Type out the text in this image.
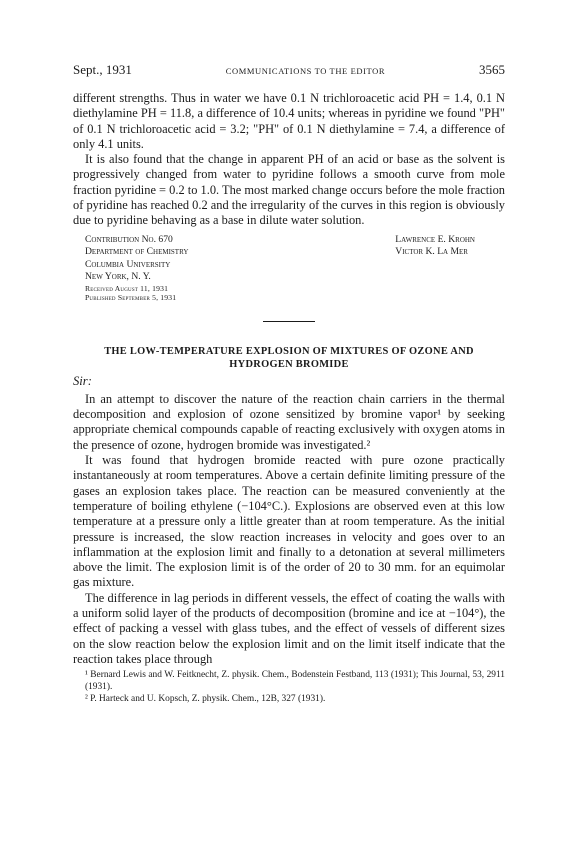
Sept., 1931	COMMUNICATIONS TO THE EDITOR	3565

different strengths. Thus in water we have 0.1 N trichloroacetic acid PH = 1.4, 0.1 N diethylamine PH = 11.8, a difference of 10.4 units; whereas in pyridine we found "PH" of 0.1 N trichloroacetic acid = 3.2; "PH" of 0.1 N diethylamine = 7.4, a difference of only 4.1 units.

It is also found that the change in apparent PH of an acid or base as the solvent is progressively changed from water to pyridine follows a smooth curve from mole fraction pyridine = 0.2 to 1.0. The most marked change occurs before the mole fraction of pyridine has reached 0.2 and the irregularity of the curves in this region is obviously due to pyridine behaving as a base in dilute water solution.

Contribution No. 670
Department of Chemistry
Columbia University
New York, N. Y.
Received August 11, 1931
Published September 5, 1931
Lawrence E. Krohn
Victor K. La Mer
THE LOW-TEMPERATURE EXPLOSION OF MIXTURES OF OZONE AND
HYDROGEN BROMIDE

Sir:

In an attempt to discover the nature of the reaction chain carriers in the thermal decomposition and explosion of ozone sensitized by bromine vapor¹ by seeking appropriate chemical compounds capable of reacting exclusively with oxygen atoms in the presence of ozone, hydrogen bromide was investigated.²

It was found that hydrogen bromide reacted with pure ozone practically instantaneously at room temperatures. Above a certain definite limiting pressure of the gases an explosion takes place. The reaction can be measured conveniently at the temperature of boiling ethylene (−104°C.). Explosions are observed even at this low temperature at a pressure only a little greater than at room temperature. As the initial pressure is increased, the slow reaction increases in velocity and goes over to an inflammation at the explosion limit and finally to a detonation at several millimeters above the limit. The explosion limit is of the order of 20 to 30 mm. for an equimolar gas mixture.

The difference in lag periods in different vessels, the effect of coating the walls with a uniform solid layer of the products of decomposition (bromine and ice at −104°), the effect of packing a vessel with glass tubes, and the effect of vessels of different sizes on the slow reaction below the explosion limit and on the limit itself indicate that the reaction takes place through

¹ Bernard Lewis and W. Feitknecht, Z. physik. Chem., Bodenstein Festband, 113 (1931); This Journal, 53, 2911 (1931).

² P. Harteck and U. Kopsch, Z. physik. Chem., 12B, 327 (1931).
